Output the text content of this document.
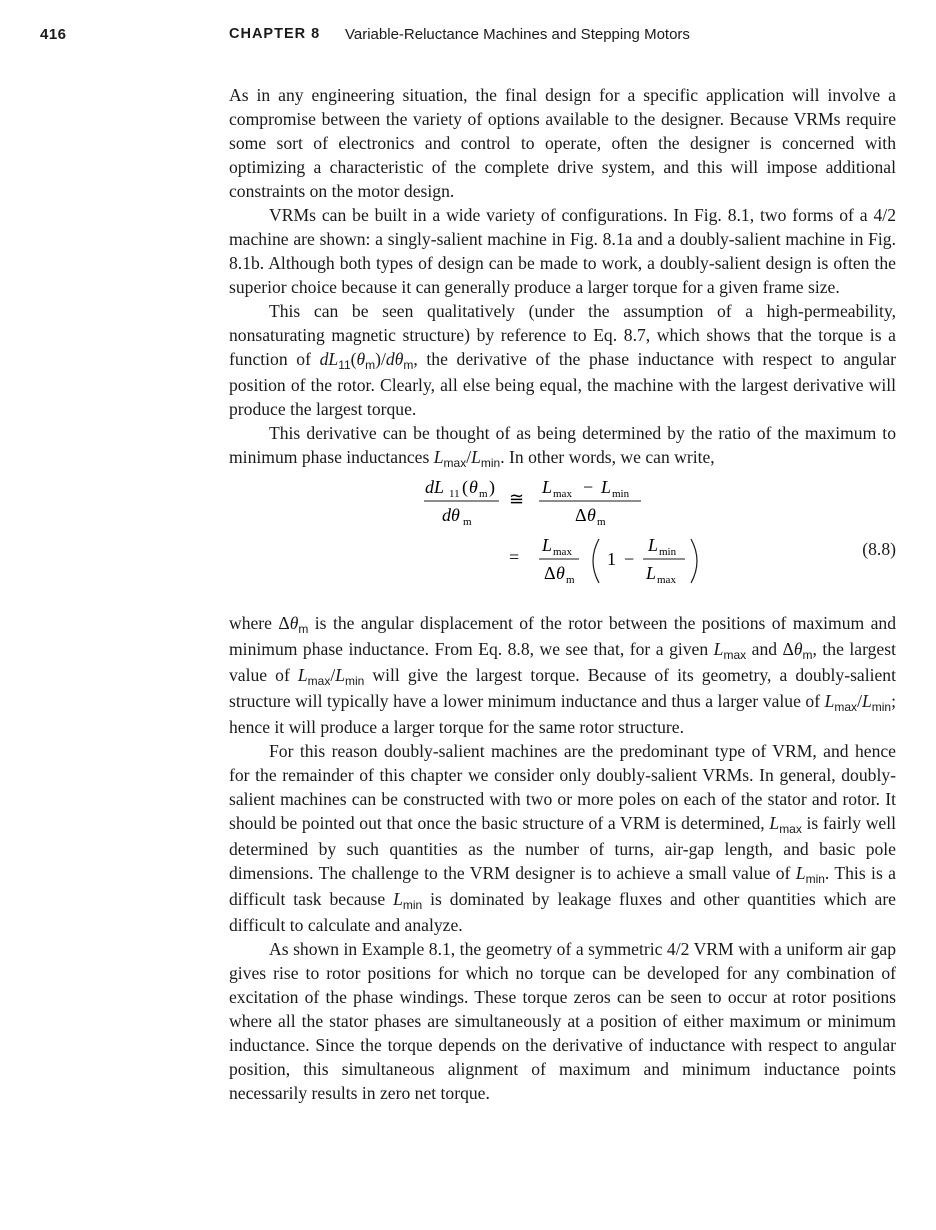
416	CHAPTER 8 Variable-Reluctance Machines and Stepping Motors

As in any engineering situation, the final design for a specific application will involve a compromise between the variety of options available to the designer. Because VRMs require some sort of electronics and control to operate, often the designer is concerned with optimizing a characteristic of the complete drive system, and this will impose additional constraints on the motor design.

VRMs can be built in a wide variety of configurations. In Fig. 8.1, two forms of a 4/2 machine are shown: a singly-salient machine in Fig. 8.1a and a doubly-salient machine in Fig. 8.1b. Although both types of design can be made to work, a doubly-salient design is often the superior choice because it can generally produce a larger torque for a given frame size.

This can be seen qualitatively (under the assumption of a high-permeability, nonsaturating magnetic structure) by reference to Eq. 8.7, which shows that the torque is a function of $dL_{11}(\theta_m)/d\theta_m$, the derivative of the phase inductance with respect to angular position of the rotor. Clearly, all else being equal, the machine with the largest derivative will produce the largest torque.

This derivative can be thought of as being determined by the ratio of the maximum to minimum phase inductances $L_{max}/L_{min}$. In other words, we can write,

dL 11 ( θ m )
dθ m
≅
L max − L min
Δ θ m
=
L max
Δ θ m
1 −
L min
L max
(8.8)

where $\Delta\theta_m$ is the angular displacement of the rotor between the positions of maximum and minimum phase inductance. From Eq. 8.8, we see that, for a given $L_{max}$ and $\Delta\theta_m$, the largest value of $L_{max}/L_{min}$ will give the largest torque. Because of its geometry, a doubly-salient structure will typically have a lower minimum inductance and thus a larger value of $L_{max}/L_{min}$; hence it will produce a larger torque for the same rotor structure.

For this reason doubly-salient machines are the predominant type of VRM, and hence for the remainder of this chapter we consider only doubly-salient VRMs. In general, doubly-salient machines can be constructed with two or more poles on each of the stator and rotor. It should be pointed out that once the basic structure of a VRM is determined, $L_{max}$ is fairly well determined by such quantities as the number of turns, air-gap length, and basic pole dimensions. The challenge to the VRM designer is to achieve a small value of $L_{min}$. This is a difficult task because $L_{min}$ is dominated by leakage fluxes and other quantities which are difficult to calculate and analyze.

As shown in Example 8.1, the geometry of a symmetric 4/2 VRM with a uniform air gap gives rise to rotor positions for which no torque can be developed for any combination of excitation of the phase windings. These torque zeros can be seen to occur at rotor positions where all the stator phases are simultaneously at a position of either maximum or minimum inductance. Since the torque depends on the derivative of inductance with respect to angular position, this simultaneous alignment of maximum and minimum inductance points necessarily results in zero net torque.
